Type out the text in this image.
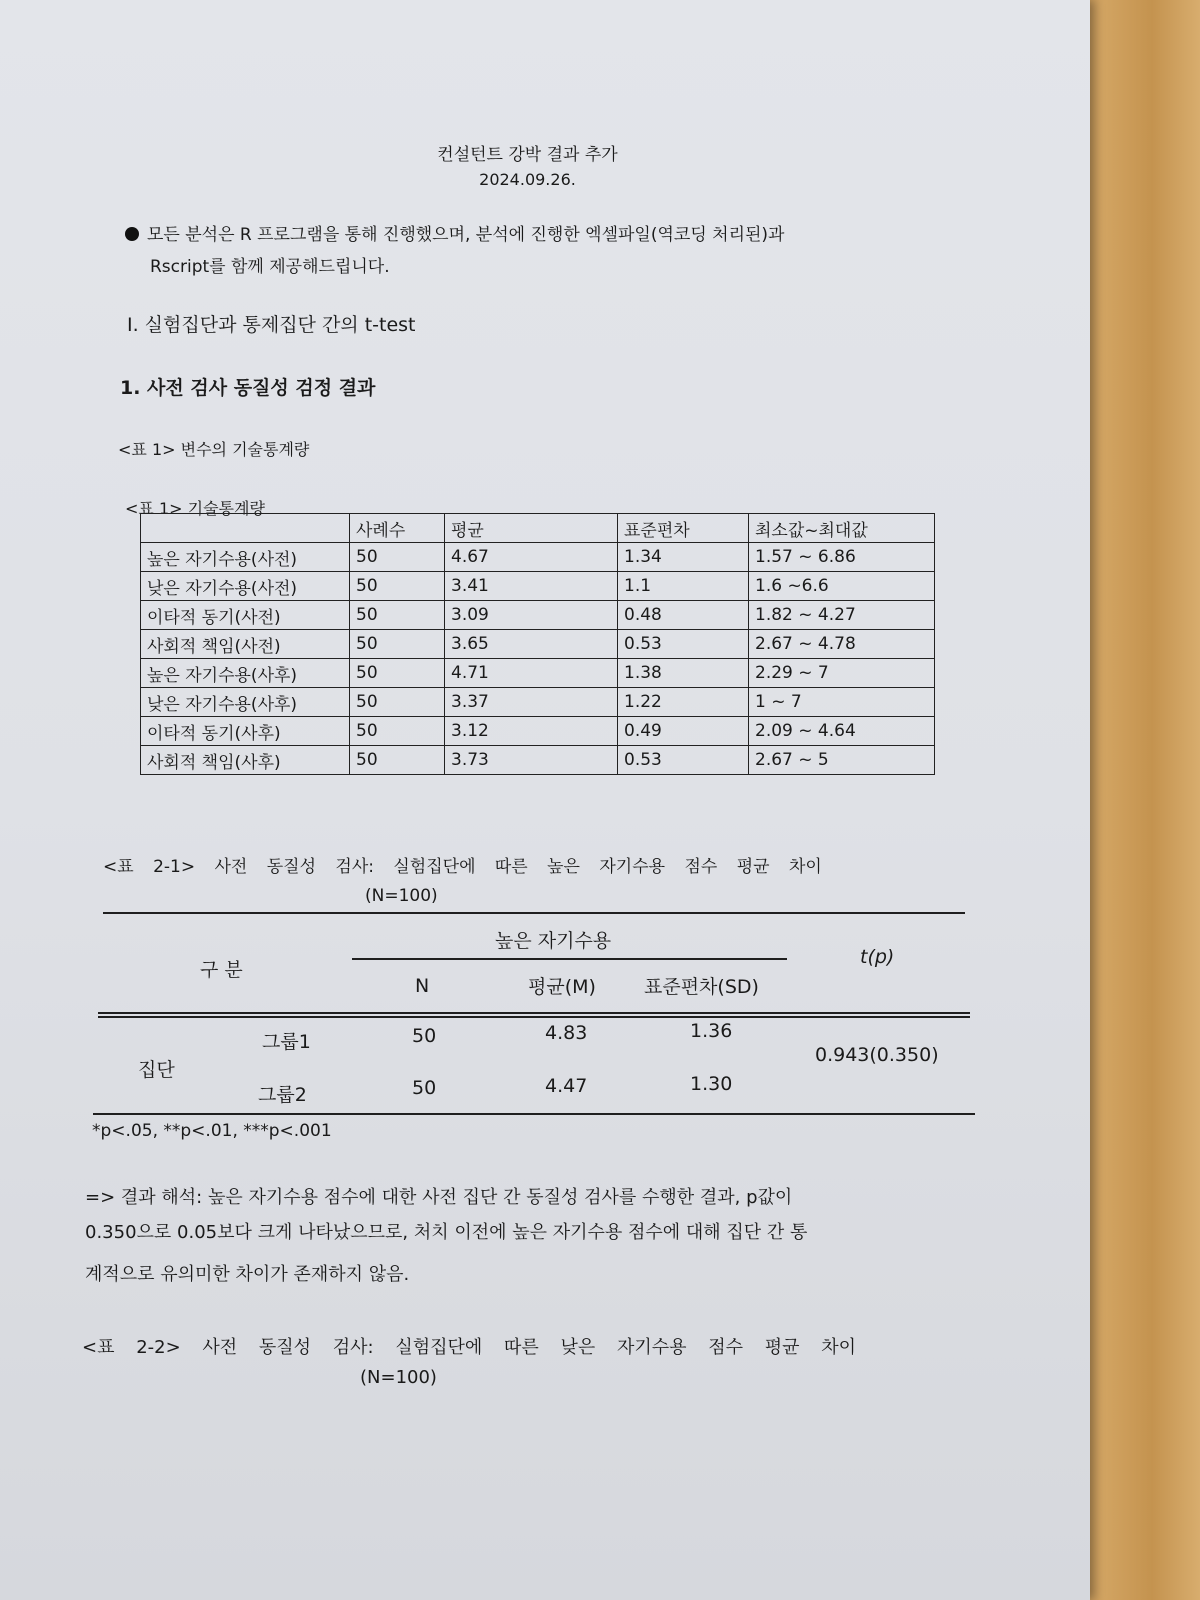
컨설턴트 강박 결과 추가
2024.09.26.
모든 분석은 R 프로그램을 통해 진행했으며, 분석에 진행한 엑셀파일(역코딩 처리된)과
Rscript를 함께 제공해드립니다.
Ⅰ. 실험집단과 통제집단 간의 t-test
1. 사전 검사 동질성 검정 결과
<표 1> 변수의 기술통계량
<표 1> 기술통계량
	사례수	평균	표준편차	최소값~최대값
높은 자기수용(사전)	50	4.67	1.34	1.57 ~ 6.86
낮은 자기수용(사전)	50	3.41	1.1	1.6 ~6.6
이타적 동기(사전)	50	3.09	0.48	1.82 ~ 4.27
사회적 책임(사전)	50	3.65	0.53	2.67 ~ 4.78
높은 자기수용(사후)	50	4.71	1.38	2.29 ~ 7
낮은 자기수용(사후)	50	3.37	1.22	1 ~ 7
이타적 동기(사후)	50	3.12	0.49	2.09 ~ 4.64
사회적 책임(사후)	50	3.73	0.53	2.67 ~ 5
<표 2-1> 사전 동질성 검사: 실험집단에 따른 높은 자기수용 점수 평균 차이
(N=100)
구 분
높은 자기수용
N	평균(M)	표준편차(SD)
t(p)
집단
그룹1	50	4.83	1.36
0.943(0.350)
그룹2	50	4.47	1.30
*p<.05, **p<.01, ***p<.001
=> 결과 해석: 높은 자기수용 점수에 대한 사전 집단 간 동질성 검사를 수행한 결과, p값이
0.350으로 0.05보다 크게 나타났으므로, 처치 이전에 높은 자기수용 점수에 대해 집단 간 통
계적으로 유의미한 차이가 존재하지 않음.
<표 2-2> 사전 동질성 검사: 실험집단에 따른 낮은 자기수용 점수 평균 차이
(N=100)
